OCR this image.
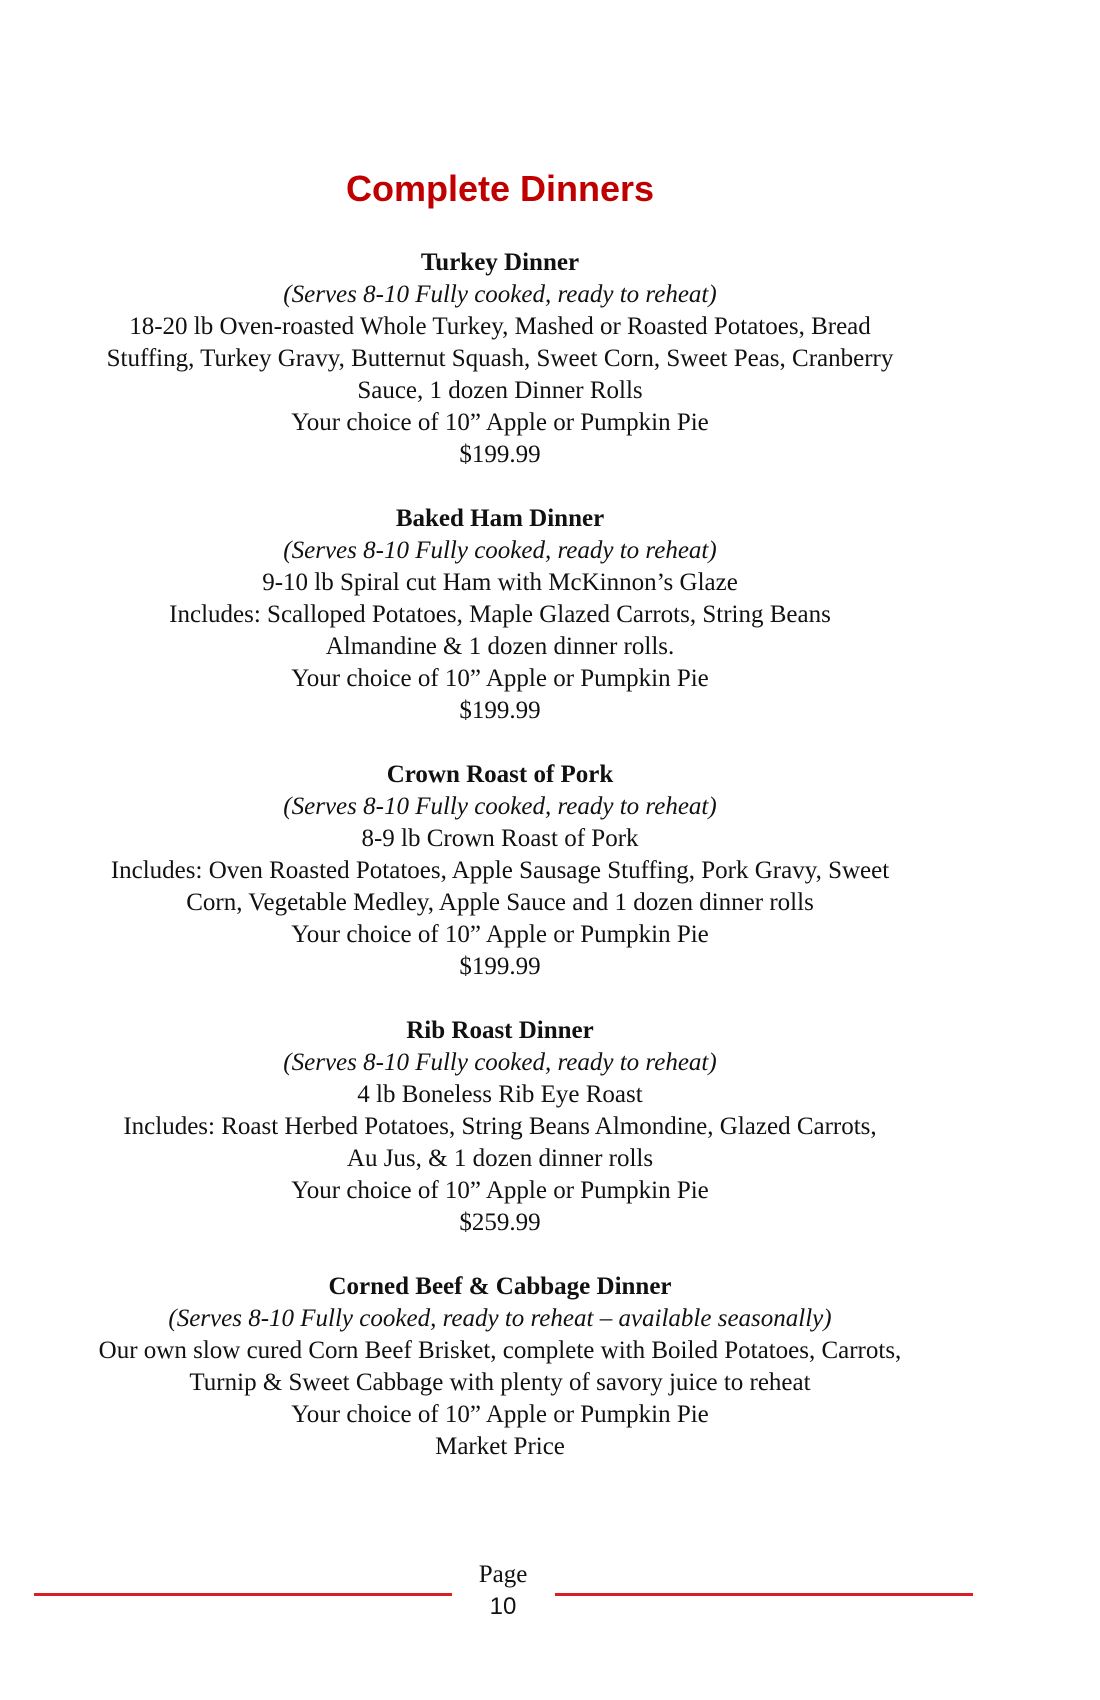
Complete Dinners

Turkey Dinner

(Serves 8-10 Fully cooked, ready to reheat)

18-20 lb Oven-roasted Whole Turkey, Mashed or Roasted Potatoes, Bread

Stuffing, Turkey Gravy, Butternut Squash, Sweet Corn, Sweet Peas, Cranberry

Sauce, 1 dozen Dinner Rolls

Your choice of 10” Apple or Pumpkin Pie

$199.99

Baked Ham Dinner

(Serves 8-10 Fully cooked, ready to reheat)

9-10 lb Spiral cut Ham with McKinnon’s Glaze

Includes: Scalloped Potatoes, Maple Glazed Carrots, String Beans

Almandine & 1 dozen dinner rolls.

Your choice of 10” Apple or Pumpkin Pie

$199.99

Crown Roast of Pork

(Serves 8-10 Fully cooked, ready to reheat)

8-9 lb Crown Roast of Pork

Includes: Oven Roasted Potatoes, Apple Sausage Stuffing, Pork Gravy, Sweet

Corn, Vegetable Medley, Apple Sauce and 1 dozen dinner rolls

Your choice of 10” Apple or Pumpkin Pie

$199.99

Rib Roast Dinner

(Serves 8-10 Fully cooked, ready to reheat)

4 lb Boneless Rib Eye Roast

Includes: Roast Herbed Potatoes, String Beans Almondine, Glazed Carrots,

Au Jus, & 1 dozen dinner rolls

Your choice of 10” Apple or Pumpkin Pie

$259.99

Corned Beef & Cabbage Dinner

(Serves 8-10 Fully cooked, ready to reheat – available seasonally)

Our own slow cured Corn Beef Brisket, complete with Boiled Potatoes, Carrots,

Turnip & Sweet Cabbage with plenty of savory juice to reheat

Your choice of 10” Apple or Pumpkin Pie

Market Price

Page
10
